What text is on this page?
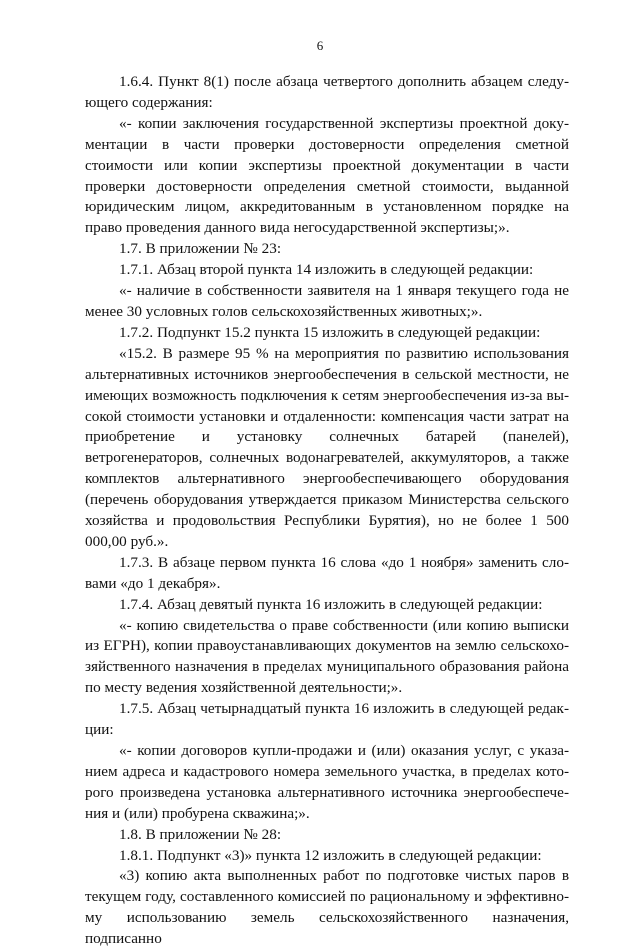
6

1.6.4. Пункт 8(1) после абзаца четвертого дополнить абзацем следующего содержания:

«- копии заключения государственной экспертизы проектной документации в части проверки достоверности определения сметной стоимости или копии экспертизы проектной документации в части проверки достоверности определения сметной стоимости, выданной юридическим лицом, аккредитованным в установленном порядке на право проведения данного вида негосударственной экспертизы;».

1.7. В приложении № 23:

1.7.1. Абзац второй пункта 14 изложить в следующей редакции:

«- наличие в собственности заявителя на 1 января текущего года не менее 30 условных голов сельскохозяйственных животных;».

1.7.2. Подпункт 15.2 пункта 15 изложить в следующей редакции:

«15.2. В размере 95 % на мероприятия по развитию использования альтернативных источников энергообеспечения в сельской местности, не имеющих возможность подключения к сетям энергообеспечения из-за высокой стоимости установки и отдаленности: компенсация части затрат на приобретение и установку солнечных батарей (панелей), ветрогенераторов, солнечных водонагревателей, аккумуляторов, а также комплектов альтернативного энергообеспечивающего оборудования (перечень оборудования утверждается приказом Министерства сельского хозяйства и продовольствия Республики Бурятия), но не более 1 500 000,00 руб.».

1.7.3. В абзаце первом пункта 16 слова «до 1 ноября» заменить словами «до 1 декабря».

1.7.4. Абзац девятый пункта 16 изложить в следующей редакции:

«- копию свидетельства о праве собственности (или копию выписки из ЕГРН), копии правоустанавливающих документов на землю сельскохозяйственного назначения в пределах муниципального образования района по месту ведения хозяйственной деятельности;».

1.7.5. Абзац четырнадцатый пункта 16 изложить в следующей редакции:

«- копии договоров купли-продажи и (или) оказания услуг, с указанием адреса и кадастрового номера земельного участка, в пределах которого произведена установка альтернативного источника энергообеспечения и (или) пробурена скважина;».

1.8. В приложении № 28:

1.8.1. Подпункт «3)» пункта 12 изложить в следующей редакции:

«3) копию акта выполненных работ по подготовке чистых паров в текущем году, составленного комиссией по рациональному и эффективному использованию земель сельскохозяйственного назначения, подписанно
